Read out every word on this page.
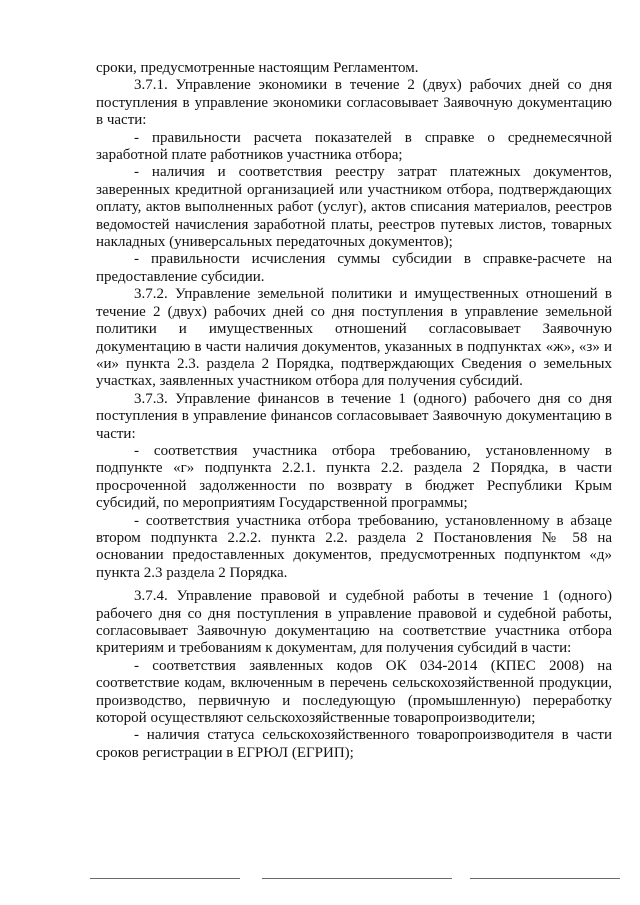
сроки, предусмотренные настоящим Регламентом.

3.7.1. Управление экономики в течение 2 (двух) рабочих дней со дня поступления в управление экономики согласовывает Заявочную документацию в части:

- правильности расчета показателей в справке о среднемесячной заработной плате работников участника отбора;

- наличия и соответствия реестру затрат платежных документов, заверенных кредитной организацией или участником отбора, подтверждающих оплату, актов выполненных работ (услуг), актов списания материалов, реестров ведомостей начисления заработной платы, реестров путевых листов, товарных накладных (универсальных передаточных документов);

- правильности исчисления суммы субсидии в справке-расчете на предоставление субсидии.

3.7.2. Управление земельной политики и имущественных отношений в течение 2 (двух) рабочих дней со дня поступления в управление земельной политики и имущественных отношений согласовывает Заявочную документацию в части наличия документов, указанных в подпунктах «ж», «з» и «и» пункта 2.3. раздела 2 Порядка, подтверждающих Сведения о земельных участках, заявленных участником отбора для получения субсидий.

3.7.3. Управление финансов в течение 1 (одного) рабочего дня со дня поступления в управление финансов согласовывает Заявочную документацию в части:

- соответствия участника отбора требованию, установленному в подпункте «г» подпункта 2.2.1. пункта 2.2. раздела 2 Порядка, в части просроченной задолженности по возврату в бюджет Республики Крым субсидий, по мероприятиям Государственной программы;

- соответствия участника отбора требованию, установленному в абзаце втором подпункта 2.2.2. пункта 2.2. раздела 2 Постановления № 58 на основании предоставленных документов, предусмотренных подпунктом «д» пункта 2.3 раздела 2 Порядка.

3.7.4. Управление правовой и судебной работы в течение 1 (одного) рабочего дня со дня поступления в управление правовой и судебной работы, согласовывает Заявочную документацию на соответствие участника отбора критериям и требованиям к документам, для получения субсидий в части:

- соответствия заявленных кодов ОК 034-2014 (КПЕС 2008) на соответствие кодам, включенным в перечень сельскохозяйственной продукции, производство, первичную и последующую (промышленную) переработку которой осуществляют сельскохозяйственные товаропроизводители;

- наличия статуса сельскохозяйственного товаропроизводителя в части сроков регистрации в ЕГРЮЛ (ЕГРИП);
